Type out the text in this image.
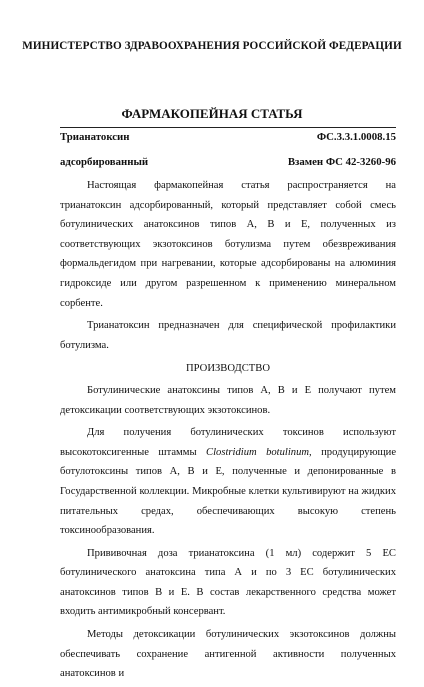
МИНИСТЕРСТВО ЗДРАВООХРАНЕНИЯ РОССИЙСКОЙ ФЕДЕРАЦИИ
ФАРМАКОПЕЙНАЯ СТАТЬЯ
Трианатоксин	ФС.3.3.1.0008.15
адсорбированный	Взамен ФС 42-3260-96

Настоящая фармакопейная статья распространяется на трианатоксин адсорбированный, который представляет собой смесь ботулинических анатоксинов типов А, В и Е, полученных из соответствующих экзотоксинов ботулизма путем обезвреживания формальдегидом при нагревании, которые адсорбированы на алюминия гидроксиде или другом разрешенном к применению минеральном сорбенте.

Трианатоксин предназначен для специфической профилактики ботулизма.

ПРОИЗВОДСТВО

Ботулинические анатоксины типов А, В и Е получают путем детоксикации соответствующих экзотоксинов.

Для получения ботулинических токсинов используют высокотоксигенные штаммы Clostridium botulinum, продуцирующие ботулотоксины типов А, В и Е, полученные и депонированные в Государственной коллекции. Микробные клетки культивируют на жидких питательных средах, обеспечивающих высокую степень токсинообразования.

Прививочная доза трианатоксина (1 мл) содержит 5 ЕС ботулинического анатоксина типа А и по 3 ЕС ботулинических анатоксинов типов В и Е. В состав лекарственного средства может входить антимикробный консервант.

Методы детоксикации ботулинических экзотоксинов должны обеспечивать сохранение антигенной активности полученных анатоксинов и
